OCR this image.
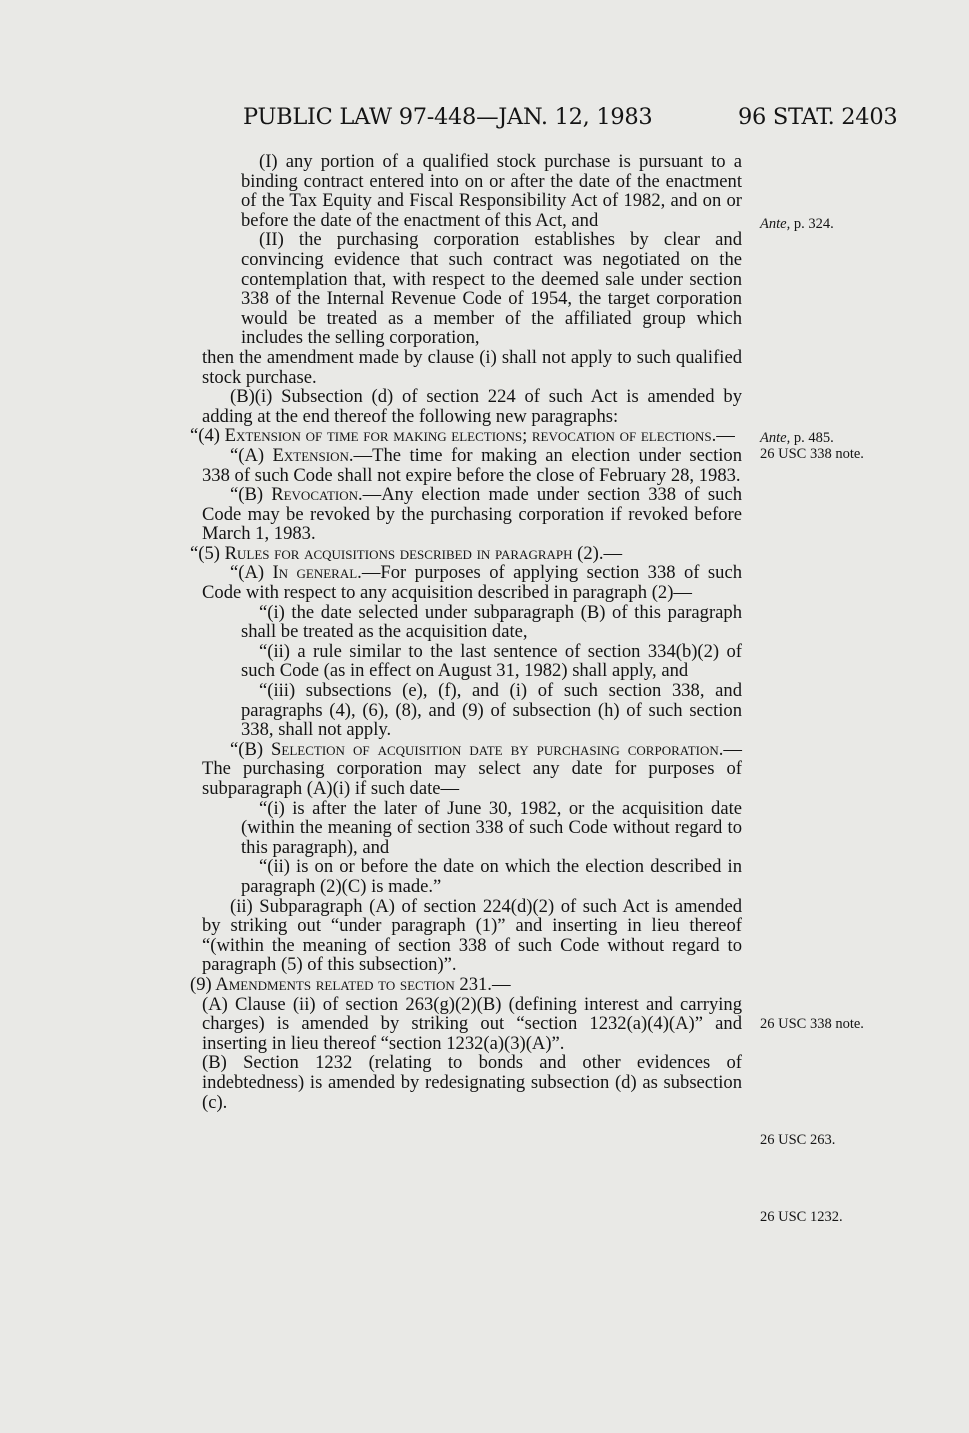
PUBLIC LAW 97-448—JAN. 12, 1983	96 STAT. 2403
Ante, p. 324.
Ante, p. 485.
26 USC 338 note.
26 USC 338 note.
26 USC 263.
26 USC 1232.

(I) any portion of a qualified stock purchase is pursuant to a binding contract entered into on or after the date of the enactment of the Tax Equity and Fiscal Responsibility Act of 1982, and on or before the date of the enactment of this Act, and

(II) the purchasing corporation establishes by clear and convincing evidence that such contract was negotiated on the contemplation that, with respect to the deemed sale under section 338 of the Internal Revenue Code of 1954, the target corporation would be treated as a member of the affiliated group which includes the selling corporation,

then the amendment made by clause (i) shall not apply to such qualified stock purchase.

(B)(i) Subsection (d) of section 224 of such Act is amended by adding at the end thereof the following new paragraphs:

“(4) Extension of time for making elections; revocation of elections.—

“(A) Extension.—The time for making an election under section 338 of such Code shall not expire before the close of February 28, 1983.

“(B) Revocation.—Any election made under section 338 of such Code may be revoked by the purchasing corporation if revoked before March 1, 1983.

“(5) Rules for acquisitions described in paragraph (2).—

“(A) In general.—For purposes of applying section 338 of such Code with respect to any acquisition described in paragraph (2)—

“(i) the date selected under subparagraph (B) of this paragraph shall be treated as the acquisition date,

“(ii) a rule similar to the last sentence of section 334(b)(2) of such Code (as in effect on August 31, 1982) shall apply, and

“(iii) subsections (e), (f), and (i) of such section 338, and paragraphs (4), (6), (8), and (9) of subsection (h) of such section 338, shall not apply.

“(B) Selection of acquisition date by purchasing corporation.—The purchasing corporation may select any date for purposes of subparagraph (A)(i) if such date—

“(i) is after the later of June 30, 1982, or the acquisition date (within the meaning of section 338 of such Code without regard to this paragraph), and

“(ii) is on or before the date on which the election described in paragraph (2)(C) is made.”

(ii) Subparagraph (A) of section 224(d)(2) of such Act is amended by striking out “under paragraph (1)” and inserting in lieu thereof “(within the meaning of section 338 of such Code without regard to paragraph (5) of this subsection)”.

(9) Amendments related to section 231.—

(A) Clause (ii) of section 263(g)(2)(B) (defining interest and carrying charges) is amended by striking out “section 1232(a)(4)(A)” and inserting in lieu thereof “section 1232(a)(3)(A)”.

(B) Section 1232 (relating to bonds and other evidences of indebtedness) is amended by redesignating subsection (d) as subsection (c).
